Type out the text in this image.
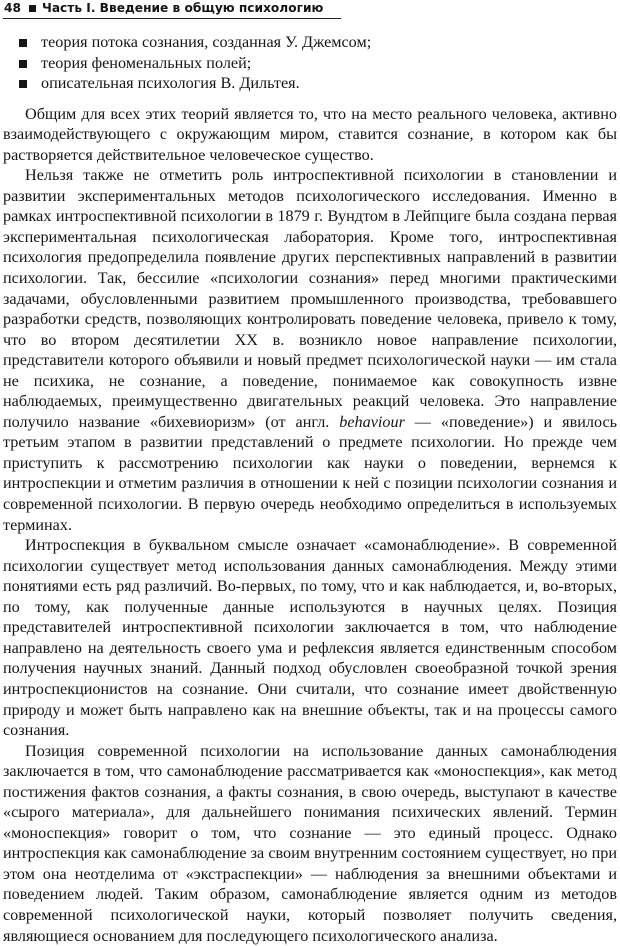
48 Часть I. Введение в общую психологию
теория потока сознания, созданная У. Джемсом;
теория феноменальных полей;
описательная психология В. Дильтея.

Общим для всех этих теорий является то, что на место реального человека, активно взаимодействующего с окружающим миром, ставится сознание, в котором как бы растворяется действительное человеческое существо.

Нельзя также не отметить роль интроспективной психологии в становлении и развитии экспериментальных методов психологического исследования. Именно в рамках интроспективной психологии в 1879 г. Вундтом в Лейпциге была создана первая экспериментальная психологическая лаборатория. Кроме того, интроспективная психология предопределила появление других перспективных направлений в развитии психологии. Так, бессилие «психологии сознания» перед многими практическими задачами, обусловленными развитием промышленного производства, требовавшего разработки средств, позволяющих контролировать поведение человека, привело к тому, что во втором десятилетии XX в. возникло новое направление психологии, представители которого объявили и новый предмет психологической науки — им стала не психика, не сознание, а поведение, понимаемое как совокупность извне наблюдаемых, преимущественно двигательных реакций человека. Это направление получило название «бихевиоризм» (от англ. behaviour — «поведение») и явилось третьим этапом в развитии представлений о предмете психологии. Но прежде чем приступить к рассмотрению психологии как науки о поведении, вернемся к интроспекции и отметим различия в отношении к ней с позиции психологии сознания и современной психологии. В первую очередь необходимо определиться в используемых терминах.

Интроспекция в буквальном смысле означает «самонаблюдение». В современной психологии существует метод использования данных самонаблюдения. Между этими понятиями есть ряд различий. Во-первых, по тому, что и как наблюдается, и, во-вторых, по тому, как полученные данные используются в научных целях. Позиция представителей интроспективной психологии заключается в том, что наблюдение направлено на деятельность своего ума и рефлексия является единственным способом получения научных знаний. Данный подход обусловлен своеобразной точкой зрения интроспекционистов на сознание. Они считали, что сознание имеет двойственную природу и может быть направлено как на внешние объекты, так и на процессы самого сознания.

Позиция современной психологии на использование данных самонаблюдения заключается в том, что самонаблюдение рассматривается как «моноспекция», как метод постижения фактов сознания, а факты сознания, в свою очередь, выступают в качестве «сырого материала», для дальнейшего понимания психических явлений. Термин «моноспекция» говорит о том, что сознание — это единый процесс. Однако интроспекция как самонаблюдение за своим внутренним состоянием существует, но при этом она неотделима от «экстраспекции» — наблюдения за внешними объектами и поведением людей. Таким образом, самонаблюдение является одним из методов современной психологической науки, который позволяет получить сведения, являющиеся основанием для последующего психологического анализа.
